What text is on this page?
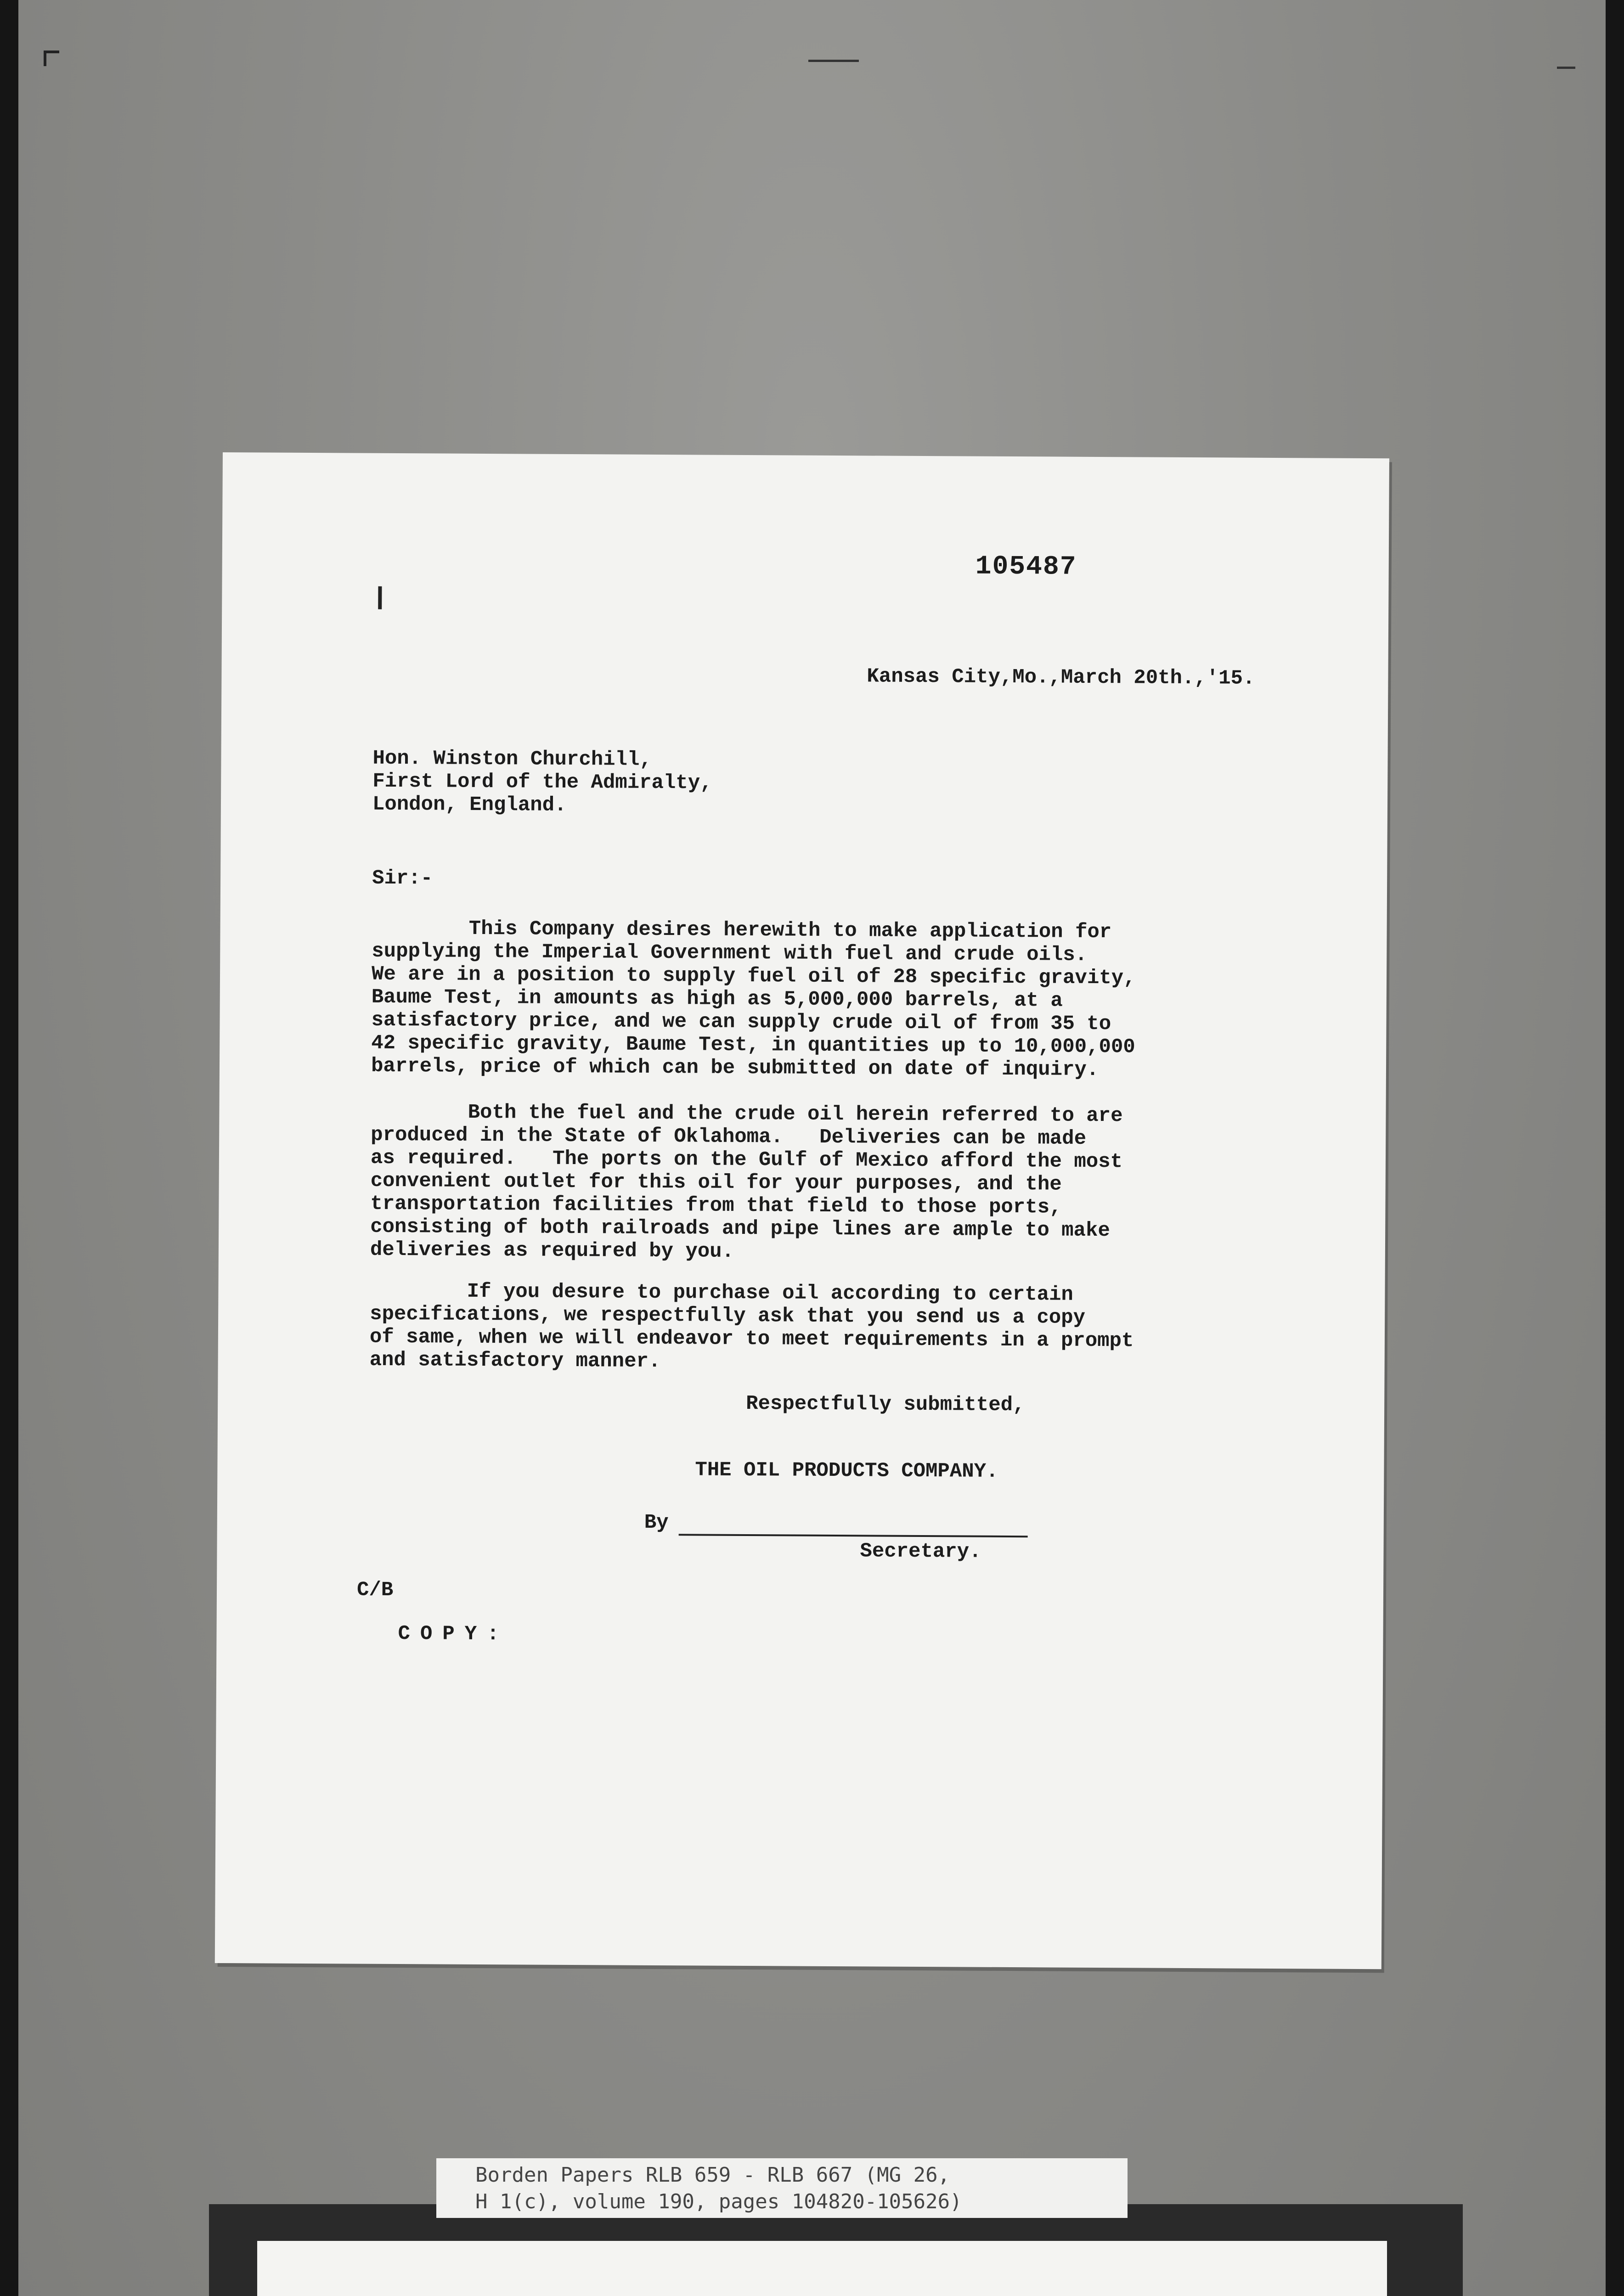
105487
Kansas City,Mo.,March 20th.,'15.
Hon. Winston Churchill,
First Lord of the Admiralty,
London, England.
Sir:-
This Company desires herewith to make application for
supplying the Imperial Government with fuel and crude oils.
We are in a position to supply fuel oil of 28 specific gravity,
Baume Test, in amounts as high as 5,000,000 barrels, at a
satisfactory price, and we can supply crude oil of from 35 to
42 specific gravity, Baume Test, in quantities up to 10,000,000
barrels, price of which can be submitted on date of inquiry.
Both the fuel and the crude oil herein referred to are
produced in the State of Oklahoma.   Deliveries can be made
as required.   The ports on the Gulf of Mexico afford the most
convenient outlet for this oil for your purposes, and the
transportation facilities from that field to those ports,
consisting of both railroads and pipe lines are ample to make
deliveries as required by you.
If you desure to purchase oil according to certain
specifications, we respectfully ask that you send us a copy
of same, when we will endeavor to meet requirements in a prompt
and satisfactory manner.
Respectfully submitted,
THE OIL PRODUCTS COMPANY.
By
Secretary.
C/B
COPY:
Borden Papers RLB 659 - RLB 667 (MG 26,
H 1(c), volume 190, pages 104820-105626)
